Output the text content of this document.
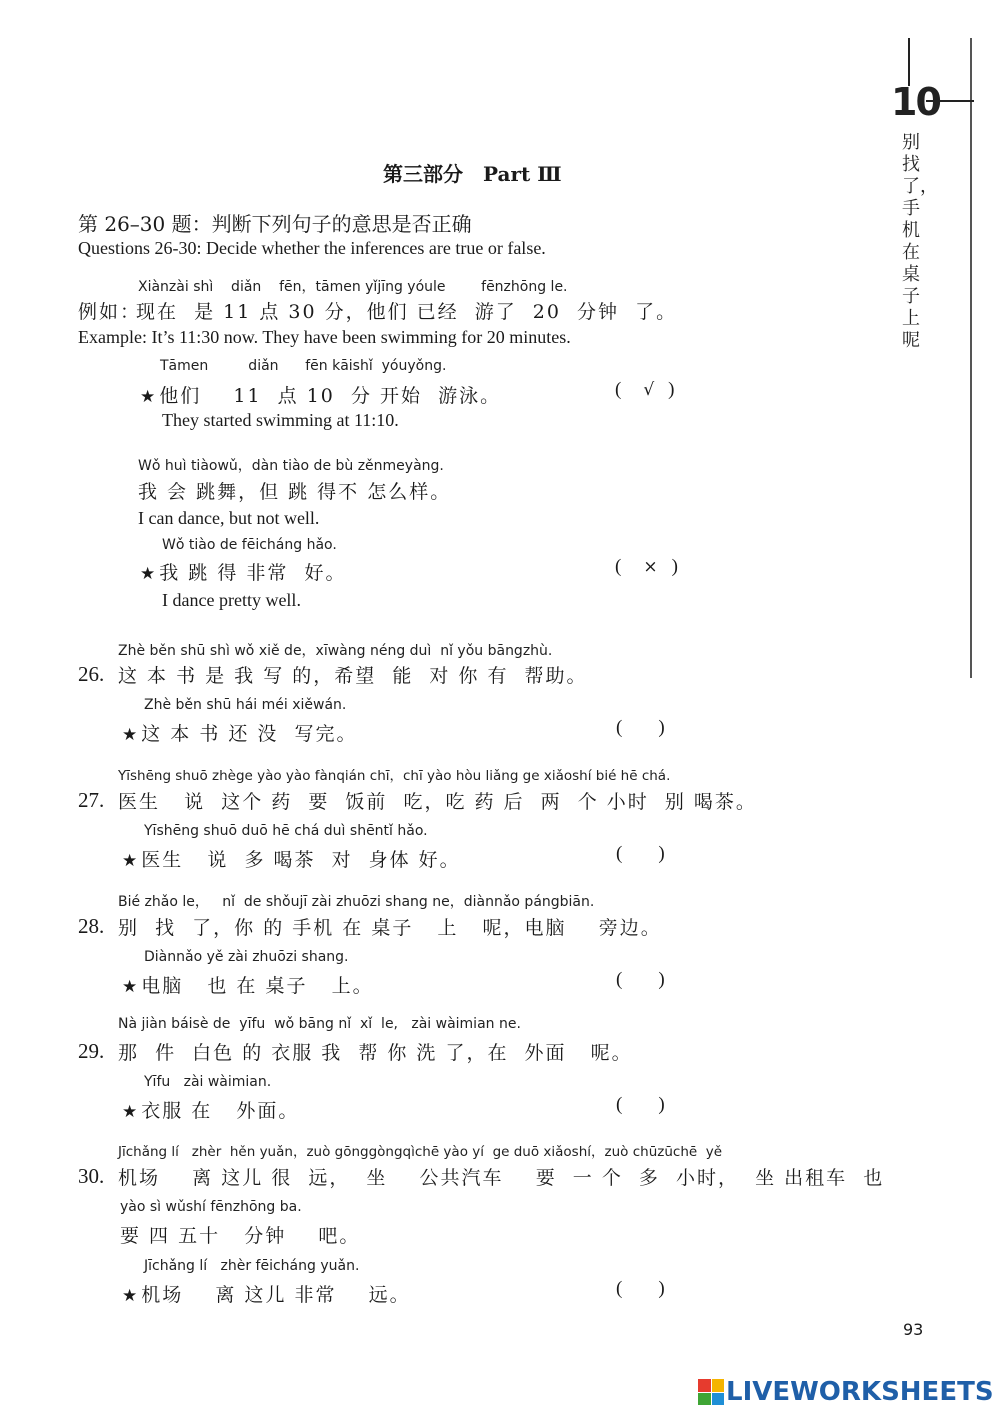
10
别找了，手机在桌子上呢
第三部分　Part Ⅲ
第 26–30 题：判断下列句子的意思是否正确
Questions 26-30: Decide whether the inferences are true or false.
Xiànzài shì    diǎn    fēn，tāmen yǐjīng yóule        fēnzhōng le.
例如：
现在  是 11 点 30 分，他们 已经  游了  20  分钟  了。
Example: It’s 11:30 now. They have been swimming for 20 minutes.
Tāmen         diǎn      fēn kāishǐ  yóuyǒng.
★ 他们    11  点 10  分 开始  游泳。	(√ )
They started swimming at 11:10.
Wǒ huì tiàowǔ，dàn tiào de bù zěnmeyàng.
我 会 跳舞，但 跳 得不 怎么样。
I can dance, but not well.
Wǒ tiào de fēicháng hǎo.
★ 我 跳 得 非常  好。	(× )
I dance pretty well.
Zhè běn shū shì wǒ xiě de，xīwàng néng duì  nǐ yǒu bāngzhù.
26. 这 本 书 是 我 写 的，希望  能  对 你 有  帮助。
Zhè běn shū hái méi xiěwán.
★ 这 本 书 还 没  写完。	()
Yīshēng shuō zhège yào yào fànqián chī，chī yào hòu liǎng ge xiǎoshí bié hē chá.
27. 医生   说  这个 药  要  饭前  吃，吃 药 后  两  个 小时  别 喝茶。
Yīshēng shuō duō hē chá duì shēntǐ hǎo.
★ 医生   说  多 喝茶  对  身体 好。	()
Bié zhǎo le，   nǐ  de shǒujī zài zhuōzi shang ne，diànnǎo pángbiān.
28. 别  找  了，你 的 手机 在 桌子   上   呢，电脑    旁边。
Diànnǎo yě zài zhuōzi shang.
★ 电脑   也 在 桌子   上。	()
Nà jiàn báisè de  yīfu  wǒ bāng nǐ  xǐ  le,   zài wàimian ne.
29. 那  件  白色 的 衣服 我  帮 你 洗 了，在  外面   呢。
Yīfu   zài wàimian.
★ 衣服 在   外面。	()
Jīchǎng lí   zhèr  hěn yuǎn，zuò gōnggòngqìchē yào yí  ge duō xiǎoshí，zuò chūzūchē  yě
30. 机场    离 这儿 很  远，  坐    公共汽车    要  一 个  多  小时，  坐 出租车  也
yào sì wǔshí fēnzhōng ba.
要 四 五十   分钟    吧。
Jīchǎng lí   zhèr fēicháng yuǎn.
★ 机场    离 这儿 非常    远。	()
93
LIVEWORKSHEETS
